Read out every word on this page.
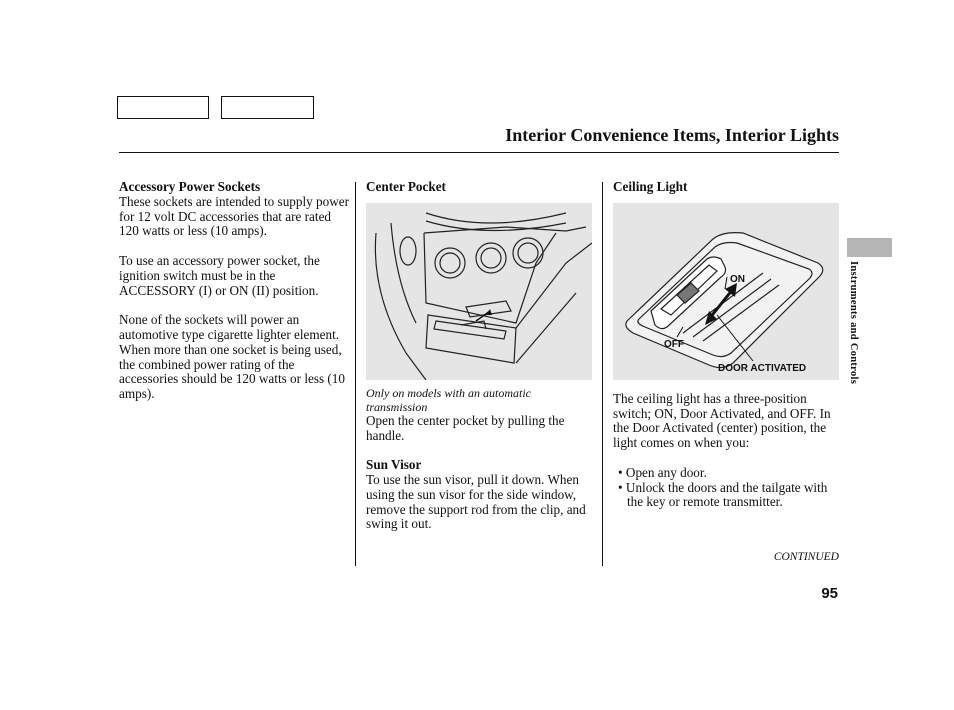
Interior Convenience Items, Interior Lights

Accessory Power Sockets

These sockets are intended to supply power for 12 volt DC accessories that are rated 120 watts or less (10 amps).

To use an accessory power socket, the ignition switch must be in the ACCESSORY (I) or ON (II) position.

None of the sockets will power an automotive type cigarette lighter element. When more than one socket is being used, the combined power rating of the accessories should be 120 watts or less (10 amps).

Center Pocket

Only on models with an automatic transmission

Open the center pocket by pulling the handle.

Sun Visor

To use the sun visor, pull it down. When using the sun visor for the side window, remove the support rod from the clip, and swing it out.

Ceiling Light

ON
OFF
DOOR ACTIVATED

The ceiling light has a three-position switch; ON, Door Activated, and OFF. In the Door Activated (center) position, the light comes on when you:

• Open any door.

• Unlock the doors and the tailgate with the key or remote transmitter.

Instruments and Controls
CONTINUED
95
